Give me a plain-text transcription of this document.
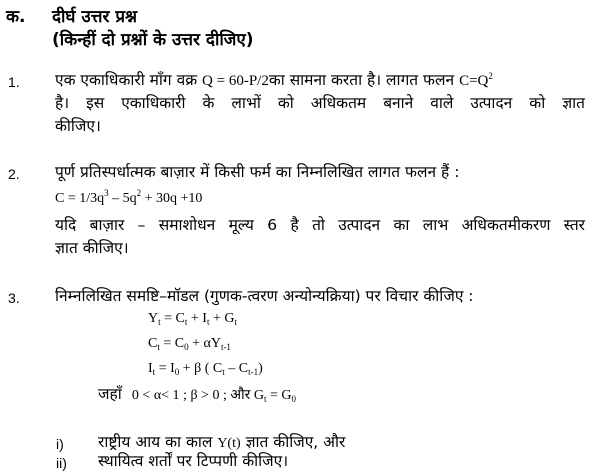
क. दीर्घ उत्तर प्रश्न
(किन्हीं दो प्रश्नों के उत्तर दीजिए)
1. एक एकाधिकारी माँग वक्र Q = 60-P/2का सामना करता है। लागत फलन $C=Q^2$
है। इस एकाधिकारी के लाभों को अधिकतम बनाने वाले उत्पादन को ज्ञात
कीजिए।
2. पूर्ण प्रतिस्पर्धात्मक बाज़ार में किसी फर्म का निम्नलिखित लागत फलन हैं :
$C = 1/3q^3 - 5q^2 + 30q +10$
यदि बाज़ार – समाशोधन मूल्य 6 है तो उत्पादन का लाभ अधिकतमीकरण स्तर
ज्ञात कीजिए।
3. निम्नलिखित समष्टि–मॉडल (गुणक-त्वरण अन्योन्यक्रिया) पर विचार कीजिए :
$Y_t = C_t + I_t + G_t$
$C_t = C_0 + \alpha Y_{t-1}$
$I_t = I_0 + \beta$ ( $C_t - C_{t-1}$)
जहाँ 0 < α< 1 ; β > 0 ; और $G_t = G_0$
i) राष्ट्रीय आय का काल Y(t) ज्ञात कीजिए, और
ii) स्थायित्व शर्तों पर टिप्पणी कीजिए।
